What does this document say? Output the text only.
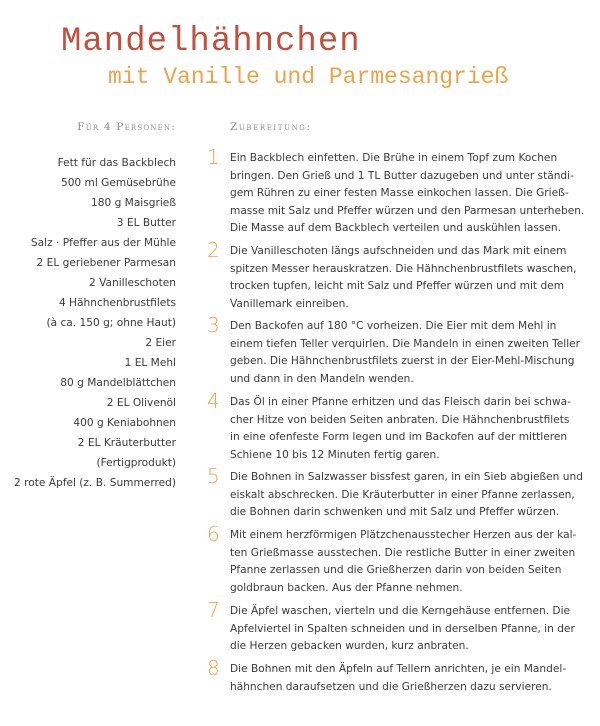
Mandelhähnchen
mit Vanille und Parmesangrieß
Für 4 Personen:
Fett für das Backblech
500 ml Gemüsebrühe
180 g Maisgrieß
3 EL Butter
Salz · Pfeffer aus der Mühle
2 EL geriebener Parmesan
2 Vanilleschoten
4 Hähnchenbrustfilets
(à ca. 150 g; ohne Haut)
2 Eier
1 EL Mehl
80 g Mandelblättchen
2 EL Olivenöl
400 g Keniabohnen
2 EL Kräuterbutter
(Fertigprodukt)
2 rote Äpfel (z. B. Summerred)
Zubereitung:
1 Ein Backblech einfetten. Die Brühe in einem Topf zum Kochen
bringen. Den Grieß und 1 TL Butter dazugeben und unter ständi-
gem Rühren zu einer festen Masse einkochen lassen. Die Grieß-
masse mit Salz und Pfeffer würzen und den Parmesan unterheben.
Die Masse auf dem Backblech verteilen und auskühlen lassen.
2 Die Vanilleschoten längs aufschneiden und das Mark mit einem
spitzen Messer herauskratzen. Die Hähnchenbrustfilets waschen,
trocken tupfen, leicht mit Salz und Pfeffer würzen und mit dem
Vanillemark einreiben.
3 Den Backofen auf 180 °C vorheizen. Die Eier mit dem Mehl in
einem tiefen Teller verquirlen. Die Mandeln in einen zweiten Teller
geben. Die Hähnchenbrustfilets zuerst in der Eier-Mehl-Mischung
und dann in den Mandeln wenden.
4 Das Öl in einer Pfanne erhitzen und das Fleisch darin bei schwa-
cher Hitze von beiden Seiten anbraten. Die Hähnchenbrustfilets
in eine ofenfeste Form legen und im Backofen auf der mittleren
Schiene 10 bis 12 Minuten fertig garen.
5 Die Bohnen in Salzwasser bissfest garen, in ein Sieb abgießen und
eiskalt abschrecken. Die Kräuterbutter in einer Pfanne zerlassen,
die Bohnen darin schwenken und mit Salz und Pfeffer würzen.
6 Mit einem herzförmigen Plätzchenausstecher Herzen aus der kal-
ten Grießmasse ausstechen. Die restliche Butter in einer zweiten
Pfanne zerlassen und die Grießherzen darin von beiden Seiten
goldbraun backen. Aus der Pfanne nehmen.
7 Die Äpfel waschen, vierteln und die Kerngehäuse entfernen. Die
Apfelviertel in Spalten schneiden und in derselben Pfanne, in der
die Herzen gebacken wurden, kurz anbraten.
8 Die Bohnen mit den Äpfeln auf Tellern anrichten, je ein Mandel-
hähnchen daraufsetzen und die Grießherzen dazu servieren.
